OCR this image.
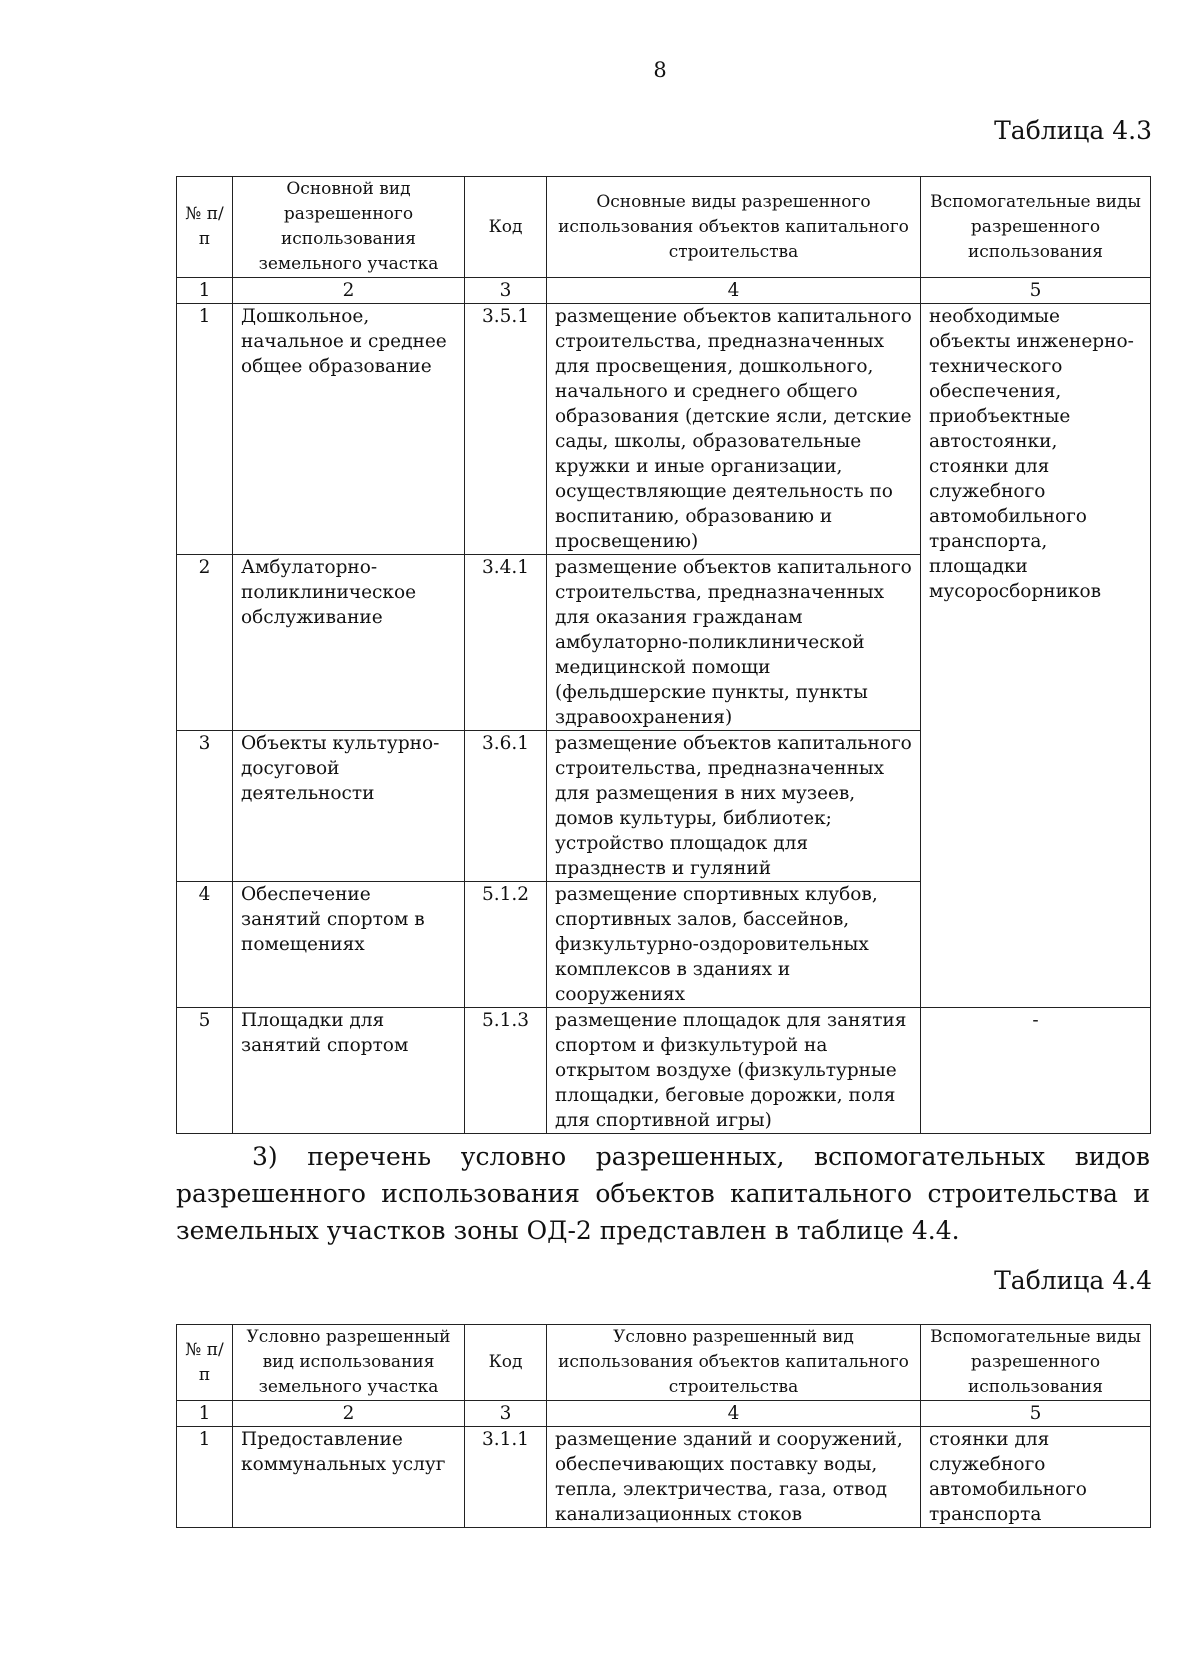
8
Таблица 4.3
№ п/п	Основной вид разрешенного использования земельного участка	Код	Основные виды разрешенного использования объектов капитального строительства	Вспомогательные виды разрешенного использования
1	2	3	4	5
1	Дошкольное, начальное и среднее общее образование	3.5.1	размещение объектов капитального строительства, предназначенных для просвещения, дошкольного, начального и среднего общего образования (детские ясли, детские сады, школы, образовательные кружки и иные организации, осуществляющие деятельность по воспитанию, образованию и просвещению)	необходимые объекты инженерно-технического обеспечения, приобъектные автостоянки, стоянки для служебного автомобильного транспорта, площадки мусоросборников
2	Амбулаторно-поликлиническое обслуживание	3.4.1	размещение объектов капитального строительства, предназначенных для оказания гражданам амбулаторно-поликлинической медицинской помощи (фельдшерские пункты, пункты здравоохранения)	
3	Объекты культурно-досуговой деятельности	3.6.1	размещение объектов капитального строительства, предназначенных для размещения в них музеев, домов культуры, библиотек; устройство площадок для празднеств и гуляний	
4	Обеспечение занятий спортом в помещениях	5.1.2	размещение спортивных клубов, спортивных залов, бассейнов, физкультурно-оздоровительных комплексов в зданиях и сооружениях	
5	Площадки для занятий спортом	5.1.3	размещение площадок для занятия спортом и физкультурой на открытом воздухе (физкультурные площадки, беговые дорожки, поля для спортивной игры)	-
3) перечень условно разрешенных, вспомогательных видов разрешенного использования объектов капитального строительства и земельных участков зоны ОД-2 представлен в таблице 4.4.
Таблица 4.4
№ п/п	Условно разрешенный вид использования земельного участка	Код	Условно разрешенный вид использования объектов капитального строительства	Вспомогательные виды разрешенного использования
1	2	3	4	5
1	Предоставление коммунальных услуг	3.1.1	размещение зданий и сооружений, обеспечивающих поставку воды, тепла, электричества, газа, отвод канализационных стоков	стоянки для служебного автомобильного транспорта
